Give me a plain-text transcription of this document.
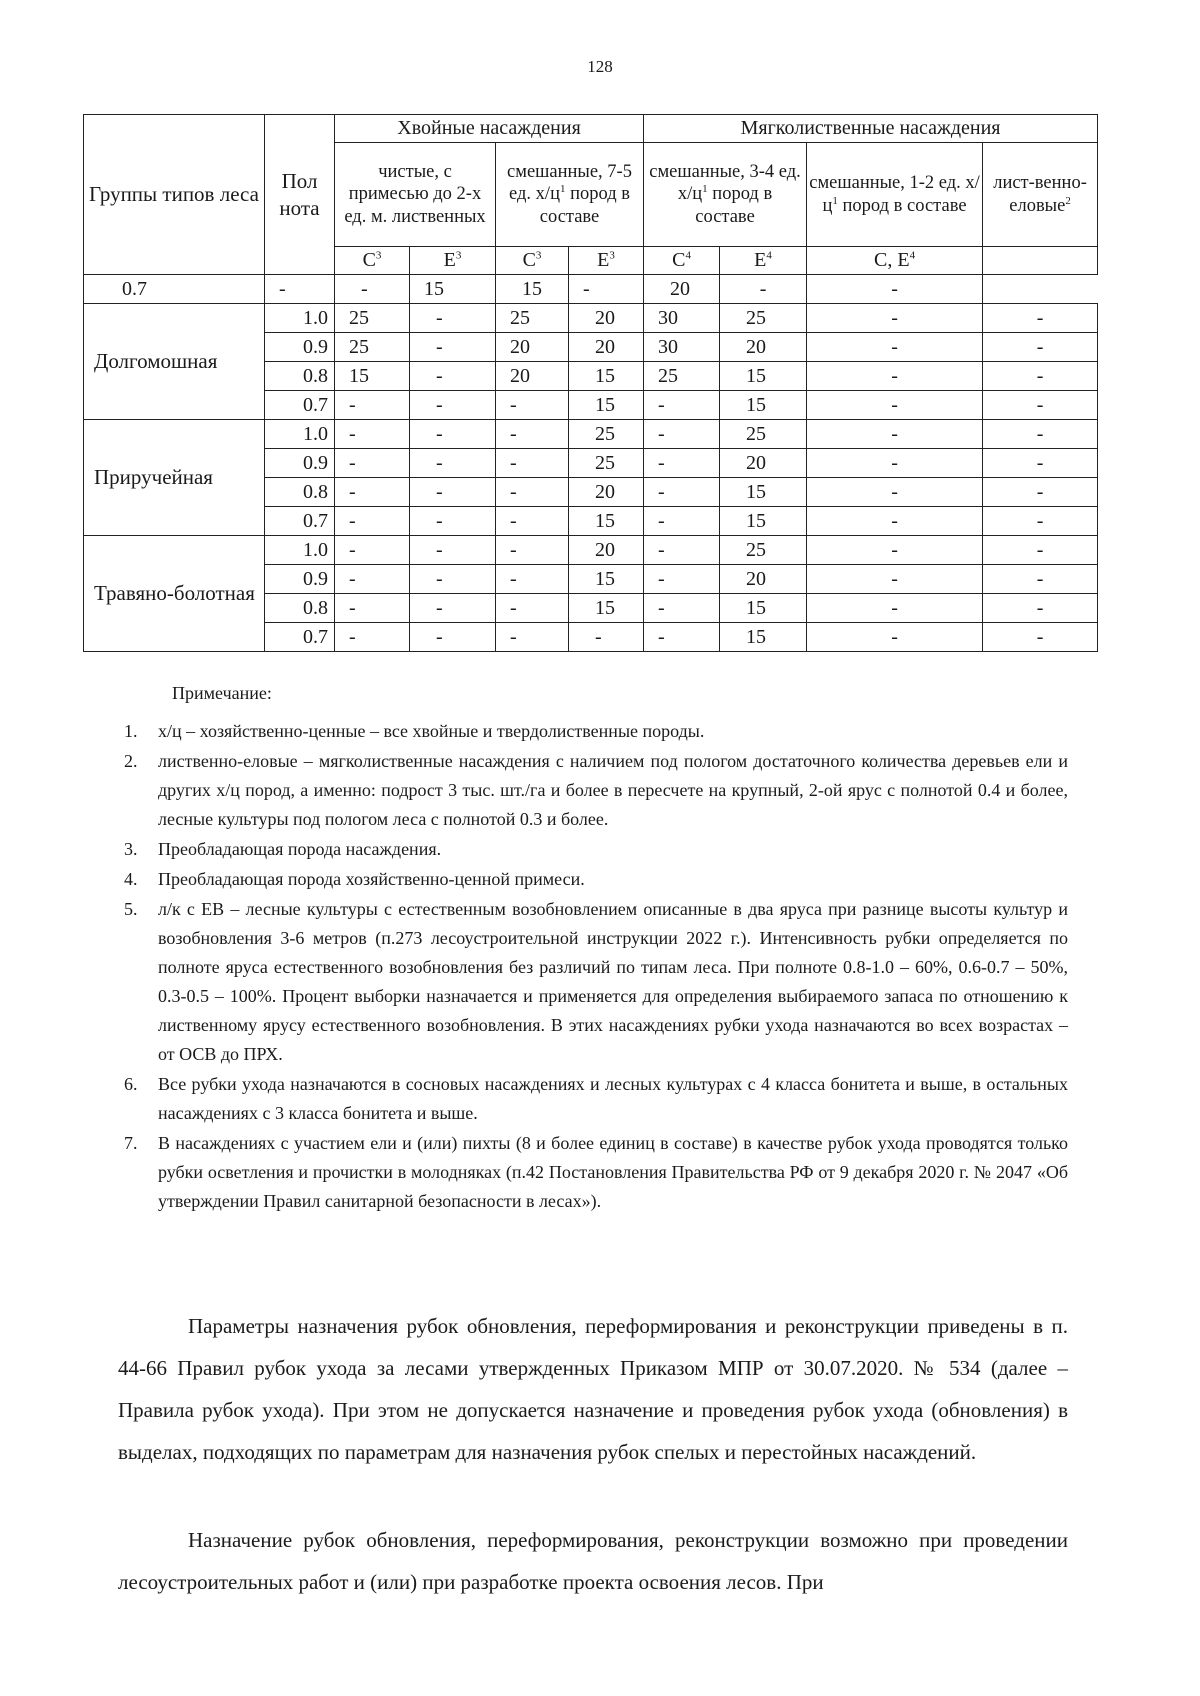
128
Группы типов леса	Пол нота	Хвойные насаждения				Мягколиственные насаждения			
		чистые, с примесью до 2-х ед. м. лиственных		смешанные, 7-5 ед. $х/ц^1$ пород в составе		смешанные, 3-4 ед. $х/ц^1$ пород в составе		смешанные, 1-2 ед. $х/ц^1$ пород в составе	лист-венно-еловые$^2$
		$С^3$	$Е^3$	$С^3$	$Е^3$	$С^4$	$Е^4$	С, $Е^4$	
0.7	-	-	15	15	-	20	-	-	
Долгомошная	1.0	25	-	25	20	30	25	-	-
	0.9	25	-	20	20	30	20	-	-
	0.8	15	-	20	15	25	15	-	-
	0.7	-	-	-	15	-	15	-	-
Приручейная	1.0	-	-	-	25	-	25	-	-
	0.9	-	-	-	25	-	20	-	-
	0.8	-	-	-	20	-	15	-	-
	0.7	-	-	-	15	-	15	-	-
Травяно-болотная	1.0	-	-	-	20	-	25	-	-
	0.9	-	-	-	15	-	20	-	-
	0.8	-	-	-	15	-	15	-	-
	0.7	-	-	-	-	-	15	-	-
Примечание:
1. х/ц – хозяйственно-ценные – все хвойные и твердолиственные породы.
2. лиственно-еловые – мягколиственные насаждения с наличием под пологом достаточного количества деревьев ели и других х/ц пород, а именно: подрост 3 тыс. шт./га и более в пересчете на крупный, 2-ой ярус с полнотой 0.4 и более, лесные культуры под пологом леса с полнотой 0.3 и более.
3. Преобладающая порода насаждения.
4. Преобладающая порода хозяйственно-ценной примеси.
5. л/к с ЕВ – лесные культуры с естественным возобновлением описанные в два яруса при разнице высоты культур и возобновления 3-6 метров (п.273 лесоустроительной инструкции 2022 г.). Интенсивность рубки определяется по полноте яруса естественного возобновления без различий по типам леса. При полноте 0.8-1.0 – 60%, 0.6-0.7 – 50%, 0.3-0.5 – 100%. Процент выборки назначается и применяется для определения выбираемого запаса по отношению к лиственному ярусу естественного возобновления. В этих насаждениях рубки ухода назначаются во всех возрастах – от ОСВ до ПРХ.
6. Все рубки ухода назначаются в сосновых насаждениях и лесных культурах с 4 класса бонитета и выше, в остальных насаждениях с 3 класса бонитета и выше.
7. В насаждениях с участием ели и (или) пихты (8 и более единиц в составе) в качестве рубок ухода проводятся только рубки осветления и прочистки в молодняках (п.42 Постановления Правительства РФ от 9 декабря 2020 г. № 2047 «Об утверждении Правил санитарной безопасности в лесах»).

Параметры назначения рубок обновления, переформирования и реконструкции приведены в п. 44-66 Правил рубок ухода за лесами утвержденных Приказом МПР от 30.07.2020. № 534 (далее – Правила рубок ухода). При этом не допускается назначение и проведения рубок ухода (обновления) в выделах, подходящих по параметрам для назначения рубок спелых и перестойных насаждений.

Назначение рубок обновления, переформирования, реконструкции возможно при проведении лесоустроительных работ и (или) при разработке проекта освоения лесов. При
